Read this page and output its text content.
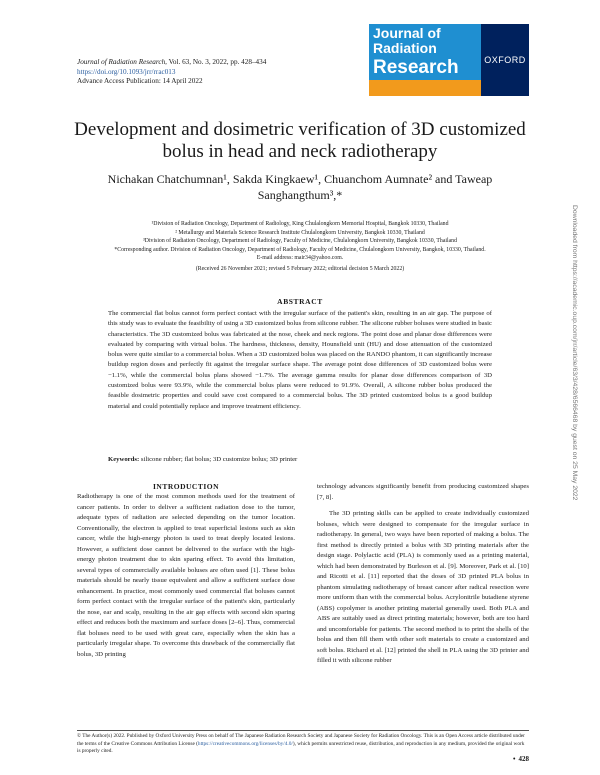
Journal of Radiation Research, Vol. 63, No. 3, 2022, pp. 428–434
https://doi.org/10.1093/jrr/rrac013
Advance Access Publication: 14 April 2022
Journal of
Radiation
Research	OXFORD
Development and dosimetric verification of 3D customized bolus in head and neck radiotherapy
Nichakan Chatchumnan¹, Sakda Kingkaew¹, Chuanchom Aumnate² and Taweap Sanghangthum³,*
¹Division of Radiation Oncology, Department of Radiology, King Chulalongkorn Memorial Hospital, Bangkok 10330, Thailand
² Metallurgy and Materials Science Research Institute Chulalongkorn University, Bangkok 10330, Thailand
³Division of Radiation Oncology, Department of Radiology, Faculty of Medicine, Chulalongkorn University, Bangkok 10330, Thailand
*Corresponding author. Division of Radiation Oncology, Department of Radiology, Faculty of Medicine, Chulalongkorn University, Bangkok, 10330, Thailand.
E-mail address: mair34@yahoo.com.
(Received 26 November 2021; revised 5 February 2022; editorial decision 5 March 2022)
ABSTRACT
The commercial flat bolus cannot form perfect contact with the irregular surface of the patient's skin, resulting in an air gap. The purpose of this study was to evaluate the feasibility of using a 3D customized bolus from silicone rubber. The silicone rubber boluses were studied in basic characteristics. The 3D customized bolus was fabricated at the nose, cheek and neck regions. The point dose and planar dose differences were evaluated by comparing with virtual bolus. The hardness, thickness, density, Hounsfield unit (HU) and dose attenuation of the customized bolus were quite similar to a commercial bolus. When a 3D customized bolus was placed on the RANDO phantom, it can significantly increase buildup region doses and perfectly fit against the irregular surface shape. The average point dose differences of 3D customized bolus were −1.1%, while the commercial bolus plans showed −1.7%. The average gamma results for planar dose differences comparison of 3D customized bolus were 93.9%, while the commercial bolus plans were reduced to 91.9%. Overall, A silicone rubber bolus produced the feasible dosimetric properties and could save cost compared to a commercial bolus. The 3D printed customized bolus is a good buildup material and could potentially replace and improve treatment efficiency.
Keywords: silicone rubber; flat bolus; 3D customize bolus; 3D printer
INTRODUCTION

Radiotherapy is one of the most common methods used for the treatment of cancer patients. In order to deliver a sufficient radiation dose to the tumor, adequate types of radiation are selected depending on the tumor location. Conventionally, the electron is applied to treat superficial lesions such as skin cancer, while the high-energy photon is used to treat deeply located lesions. However, a sufficient dose cannot be delivered to the surface with the high-energy photon treatment due to skin sparing effect. To avoid this limitation, several types of commercially available boluses are often used [1]. These bolus materials should be nearly tissue equivalent and allow a sufficient surface dose enhancement. In practice, most commonly used commercial flat boluses cannot form perfect contact with the irregular surface of the patient's skin, particularly the nose, ear and scalp, resulting in the air gap effects with second skin sparing effect and reduces both the maximum and surface doses [2–6]. Thus, commercial flat boluses need to be used with great care, especially when the skin has a particularly irregular shape. To overcome this drawback of the commercially flat bolus, 3D printing

technology advances significantly benefit from producing customized shapes [7, 8].

The 3D printing skills can be applied to create individually customized boluses, which were designed to compensate for the irregular surface in radiotherapy. In general, two ways have been reported of making a bolus. The first method is directly printed a bolus with 3D printing materials after the design stage. Polylactic acid (PLA) is commonly used as a printing material, which had been demonstrated by Burleson et al. [9]. Moreover, Park et al. [10] and Ricotti et al. [11] reported that the doses of 3D printed PLA bolus in phantom simulating radiotherapy of breast cancer after radical resection were more uniform than with the commercial bolus. Acrylonitrile butadiene styrene (ABS) copolymer is another printing material generally used. Both PLA and ABS are suitably used as direct printing materials; however, both are too hard and uncomfortable for patients. The second method is to print the shells of the bolus and then fill them with other soft materials to create a customized and soft bolus. Richard et al. [12] printed the shell in PLA using the 3D printer and filled it with silicone rubber

© The Author(s) 2022. Published by Oxford University Press on behalf of The Japanese Radiation Research Society and Japanese Society for Radiation Oncology. This is an Open Access article distributed under the terms of the Creative Commons Attribution License (https://creativecommons.org/licenses/by/4.0/), which permits unrestricted reuse, distribution, and reproduction in any medium, provided the original work is properly cited.
• 428
Downloaded from https://academic.oup.com/jrr/article/63/3/428/6566468 by guest on 25 May 2022
